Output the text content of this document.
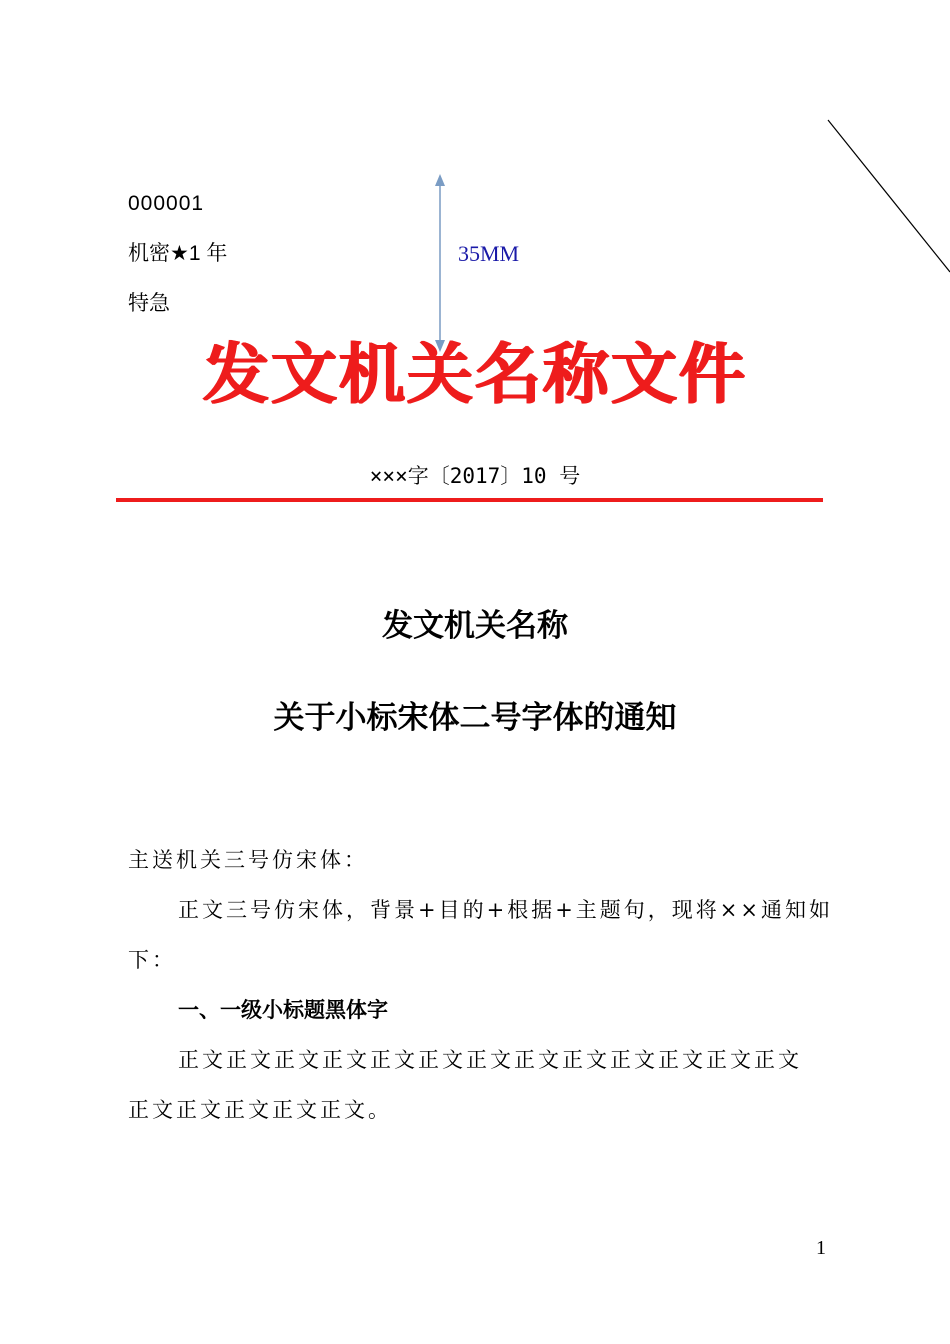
000001
机密★1 年
特急
35MM
发文机关名称文件
×××字〔2017〕10 号
发文机关名称
关于小标宋体二号字体的通知
主送机关三号仿宋体：
正文三号仿宋体，背景+目的+根据+主题句，现将××通知如
下：
一、一级小标题黑体字
正文正文正文正文正文正文正文正文正文正文正文正文正文
正文正文正文正文正文。
1
